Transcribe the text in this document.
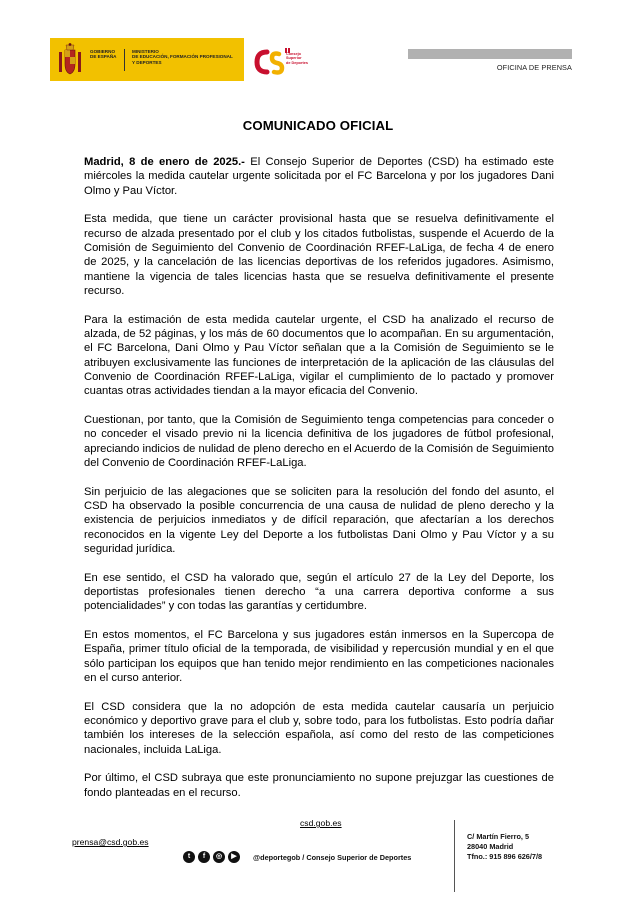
GOBIERNO
DE ESPAÑA
MINISTERIO
DE EDUCACIÓN, FORMACIÓN PROFESIONAL
Y DEPORTES
Consejo
Superior
de Deportes
OFICINA DE PRENSA
COMUNICADO OFICIAL

Madrid, 8 de enero de 2025.- El Consejo Superior de Deportes (CSD) ha estimado este miércoles la medida cautelar urgente solicitada por el FC Barcelona y por los jugadores Dani Olmo y Pau Víctor.

Esta medida, que tiene un carácter provisional hasta que se resuelva definitivamente el recurso de alzada presentado por el club y los citados futbolistas, suspende el Acuerdo de la Comisión de Seguimiento del Convenio de Coordinación RFEF-LaLiga, de fecha 4 de enero de 2025, y la cancelación de las licencias deportivas de los referidos jugadores. Asimismo, mantiene la vigencia de tales licencias hasta que se resuelva definitivamente el presente recurso.

Para la estimación de esta medida cautelar urgente, el CSD ha analizado el recurso de alzada, de 52 páginas, y los más de 60 documentos que lo acompañan. En su argumentación, el FC Barcelona, Dani Olmo y Pau Víctor señalan que a la Comisión de Seguimiento se le atribuyen exclusivamente las funciones de interpretación de la aplicación de las cláusulas del Convenio de Coordinación RFEF-LaLiga, vigilar el cumplimiento de lo pactado y promover cuantas otras actividades tiendan a la mayor eficacia del Convenio.

Cuestionan, por tanto, que la Comisión de Seguimiento tenga competencias para conceder o no conceder el visado previo ni la licencia definitiva de los jugadores de fútbol profesional, apreciando indicios de nulidad de pleno derecho en el Acuerdo de la Comisión de Seguimiento del Convenio de Coordinación RFEF-LaLiga.

Sin perjuicio de las alegaciones que se soliciten para la resolución del fondo del asunto, el CSD ha observado la posible concurrencia de una causa de nulidad de pleno derecho y la existencia de perjuicios inmediatos y de difícil reparación, que afectarían a los derechos reconocidos en la vigente Ley del Deporte a los futbolistas Dani Olmo y Pau Víctor y a su seguridad jurídica.

En ese sentido, el CSD ha valorado que, según el artículo 27 de la Ley del Deporte, los deportistas profesionales tienen derecho “a una carrera deportiva conforme a sus potencialidades” y con todas las garantías y certidumbre.

En estos momentos, el FC Barcelona y sus jugadores están inmersos en la Supercopa de España, primer título oficial de la temporada, de visibilidad y repercusión mundial y en el que sólo participan los equipos que han tenido mejor rendimiento en las competiciones nacionales en el curso anterior.

El CSD considera que la no adopción de esta medida cautelar causaría un perjuicio económico y deportivo grave para el club y, sobre todo, para los futbolistas. Esto podría dañar también los intereses de la selección española, así como del resto de las competiciones nacionales, incluida LaLiga.

Por último, el CSD subraya que este pronunciamiento no supone prejuzgar las cuestiones de fondo planteadas en el recurso.

prensa@csd.gob.es
csd.gob.es
t	f	◎	▶	@deportegob / Consejo Superior de Deportes
C/ Martín Fierro, 5
28040 Madrid
Tfno.: 915 896 626/7/8
